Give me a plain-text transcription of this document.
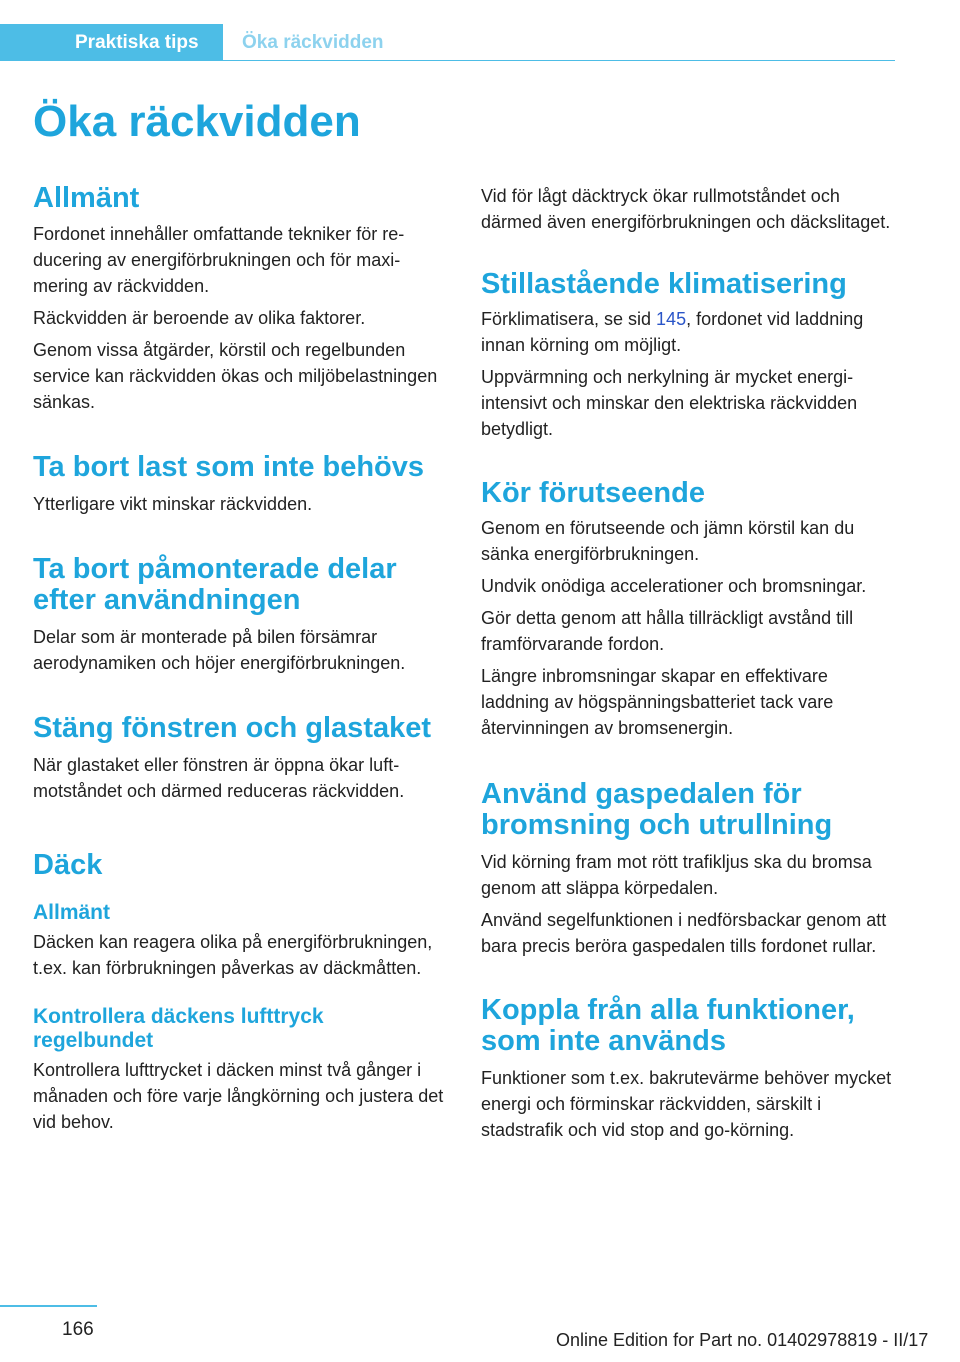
Praktiska tips	Öka räckvidden
Öka räckvidden
Allmänt

Fordonet innehåller omfattande tekniker för reducering av energiförbrukningen och för maximering av räckvidden.

Räckvidden är beroende av olika faktorer.

Genom vissa åtgärder, körstil och regelbunden service kan räckvidden ökas och miljöbelastningen sänkas.

Ta bort last som inte behövs

Ytterligare vikt minskar räckvidden.

Ta bort påmonterade delar efter användningen

Delar som är monterade på bilen försämrar aerodynamiken och höjer energiförbrukningen.

Stäng fönstren och glastaket

När glastaket eller fönstren är öppna ökar luftmotståndet och därmed reduceras räckvidden.

Däck
Allmänt

Däcken kan reagera olika på energiförbrukningen, t.ex. kan förbrukningen påverkas av däckmåtten.

Kontrollera däckens lufttryck regelbundet

Kontrollera lufttrycket i däcken minst två gånger i månaden och före varje långkörning och justera det vid behov.

Vid för lågt däcktryck ökar rullmotståndet och därmed även energiförbrukningen och däckslitaget.

Stillastående klimatisering

Förklimatisera, se sid 145, fordonet vid laddning innan körning om möjligt.

Uppvärmning och nerkylning är mycket energiintensivt och minskar den elektriska räckvidden betydligt.

Kör förutseende

Genom en förutseende och jämn körstil kan du sänka energiförbrukningen.

Undvik onödiga accelerationer och bromsningar.

Gör detta genom att hålla tillräckligt avstånd till framförvarande fordon.

Längre inbromsningar skapar en effektivare laddning av högspänningsbatteriet tack vare återvinningen av bromsenergin.

Använd gaspedalen för bromsning och utrullning

Vid körning fram mot rött trafikljus ska du bromsa genom att släppa körpedalen.

Använd segelfunktionen i nedförsbackar genom att bara precis beröra gaspedalen tills fordonet rullar.

Koppla från alla funktioner, som inte används

Funktioner som t.ex. bakrutevärme behöver mycket energi och förminskar räckvidden, särskilt i stadstrafik och vid stop and go-körning.

166	Online Edition for Part no. 01402978819 - II/17
